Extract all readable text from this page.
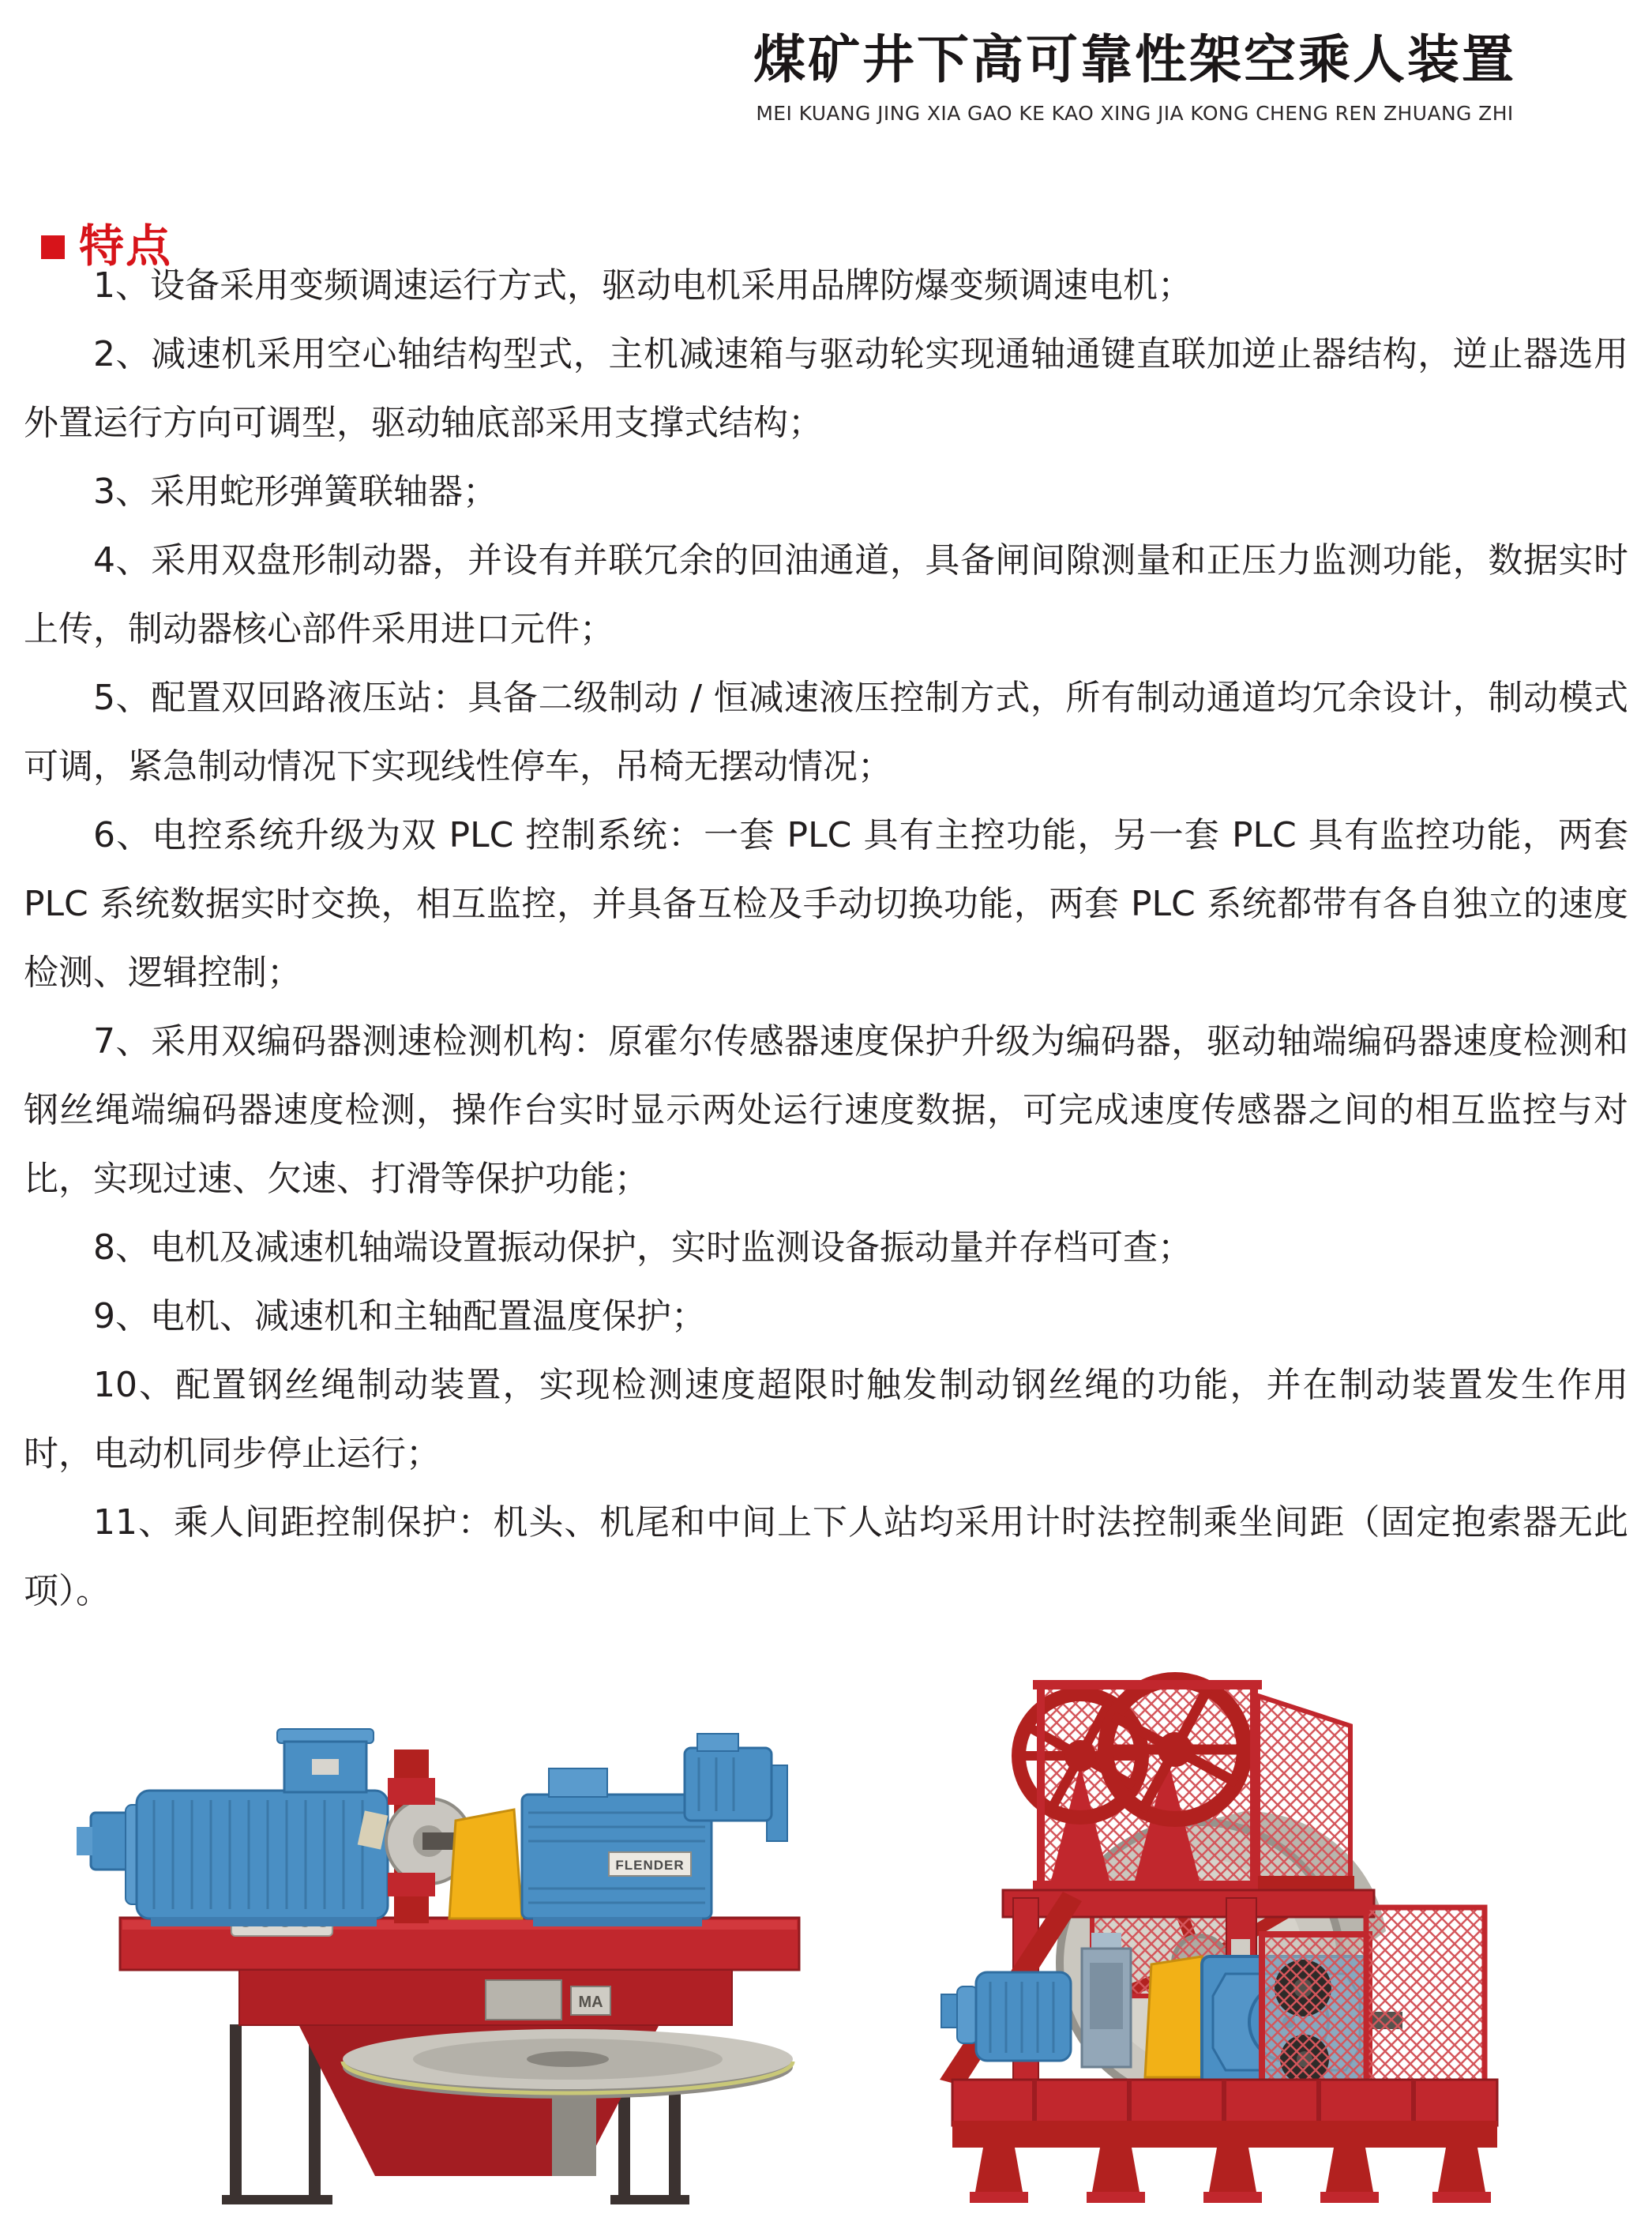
煤矿井下高可靠性架空乘人装置
MEI KUANG JING XIA GAO KE KAO XING JIA KONG CHENG REN ZHUANG ZHI
特点

1、设备采用变频调速运行方式，驱动电机采用品牌防爆变频调速电机；

2、减速机采用空心轴结构型式，主机减速箱与驱动轮实现通轴通键直联加逆止器结构，逆止器选用外置运行方向可调型，驱动轴底部采用支撑式结构；

3、采用蛇形弹簧联轴器；

4、采用双盘形制动器，并设有并联冗余的回油通道，具备闸间隙测量和正压力监测功能，数据实时上传，制动器核心部件采用进口元件；

5、配置双回路液压站：具备二级制动 / 恒减速液压控制方式，所有制动通道均冗余设计，制动模式可调，紧急制动情况下实现线性停车，吊椅无摆动情况；

6、电控系统升级为双 PLC 控制系统：一套 PLC 具有主控功能，另一套 PLC 具有监控功能，两套 PLC 系统数据实时交换，相互监控，并具备互检及手动切换功能，两套 PLC 系统都带有各自独立的速度检测、逻辑控制；

7、采用双编码器测速检测机构：原霍尔传感器速度保护升级为编码器，驱动轴端编码器速度检测和钢丝绳端编码器速度检测，操作台实时显示两处运行速度数据，可完成速度传感器之间的相互监控与对比，实现过速、欠速、打滑等保护功能；

8、电机及减速机轴端设置振动保护，实时监测设备振动量并存档可查；

9、电机、减速机和主轴配置温度保护；

10、配置钢丝绳制动装置，实现检测速度超限时触发制动钢丝绳的功能，并在制动装置发生作用时，电动机同步停止运行；

11、乘人间距控制保护：机头、机尾和中间上下人站均采用计时法控制乘坐间距（固定抱索器无此项）。

MA
FLENDER
